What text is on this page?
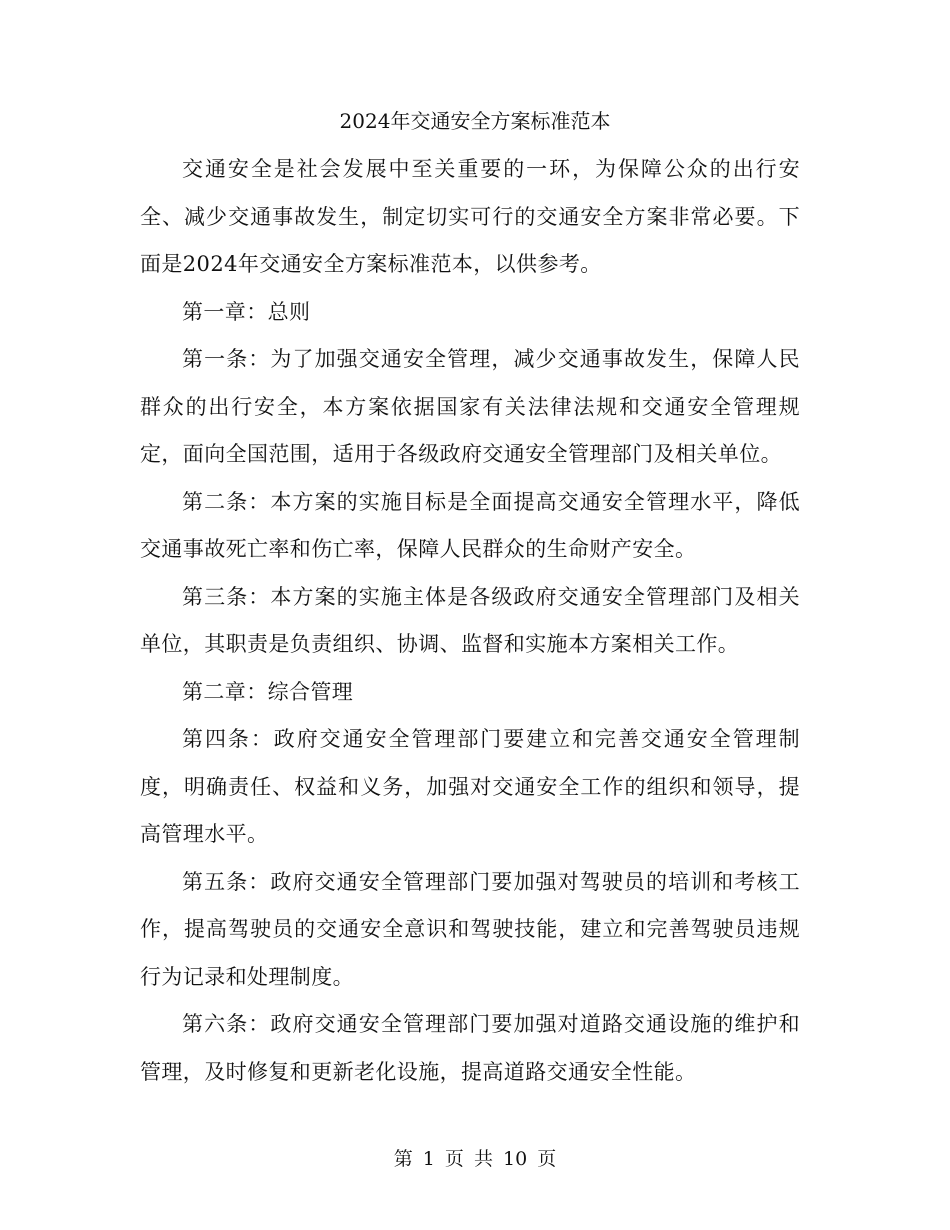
2024年交通安全方案标准范本

交通安全是社会发展中至关重要的一环，为保障公众的出行安全、减少交通事故发生，制定切实可行的交通安全方案非常必要。下面是2024年交通安全方案标准范本，以供参考。

第一章：总则

第一条：为了加强交通安全管理，减少交通事故发生，保障人民群众的出行安全，本方案依据国家有关法律法规和交通安全管理规定，面向全国范围，适用于各级政府交通安全管理部门及相关单位。

第二条：本方案的实施目标是全面提高交通安全管理水平，降低交通事故死亡率和伤亡率，保障人民群众的生命财产安全。

第三条：本方案的实施主体是各级政府交通安全管理部门及相关单位，其职责是负责组织、协调、监督和实施本方案相关工作。

第二章：综合管理

第四条：政府交通安全管理部门要建立和完善交通安全管理制度，明确责任、权益和义务，加强对交通安全工作的组织和领导，提高管理水平。

第五条：政府交通安全管理部门要加强对驾驶员的培训和考核工作，提高驾驶员的交通安全意识和驾驶技能，建立和完善驾驶员违规行为记录和处理制度。

第六条：政府交通安全管理部门要加强对道路交通设施的维护和管理，及时修复和更新老化设施，提高道路交通安全性能。

第 1 页 共 10 页
